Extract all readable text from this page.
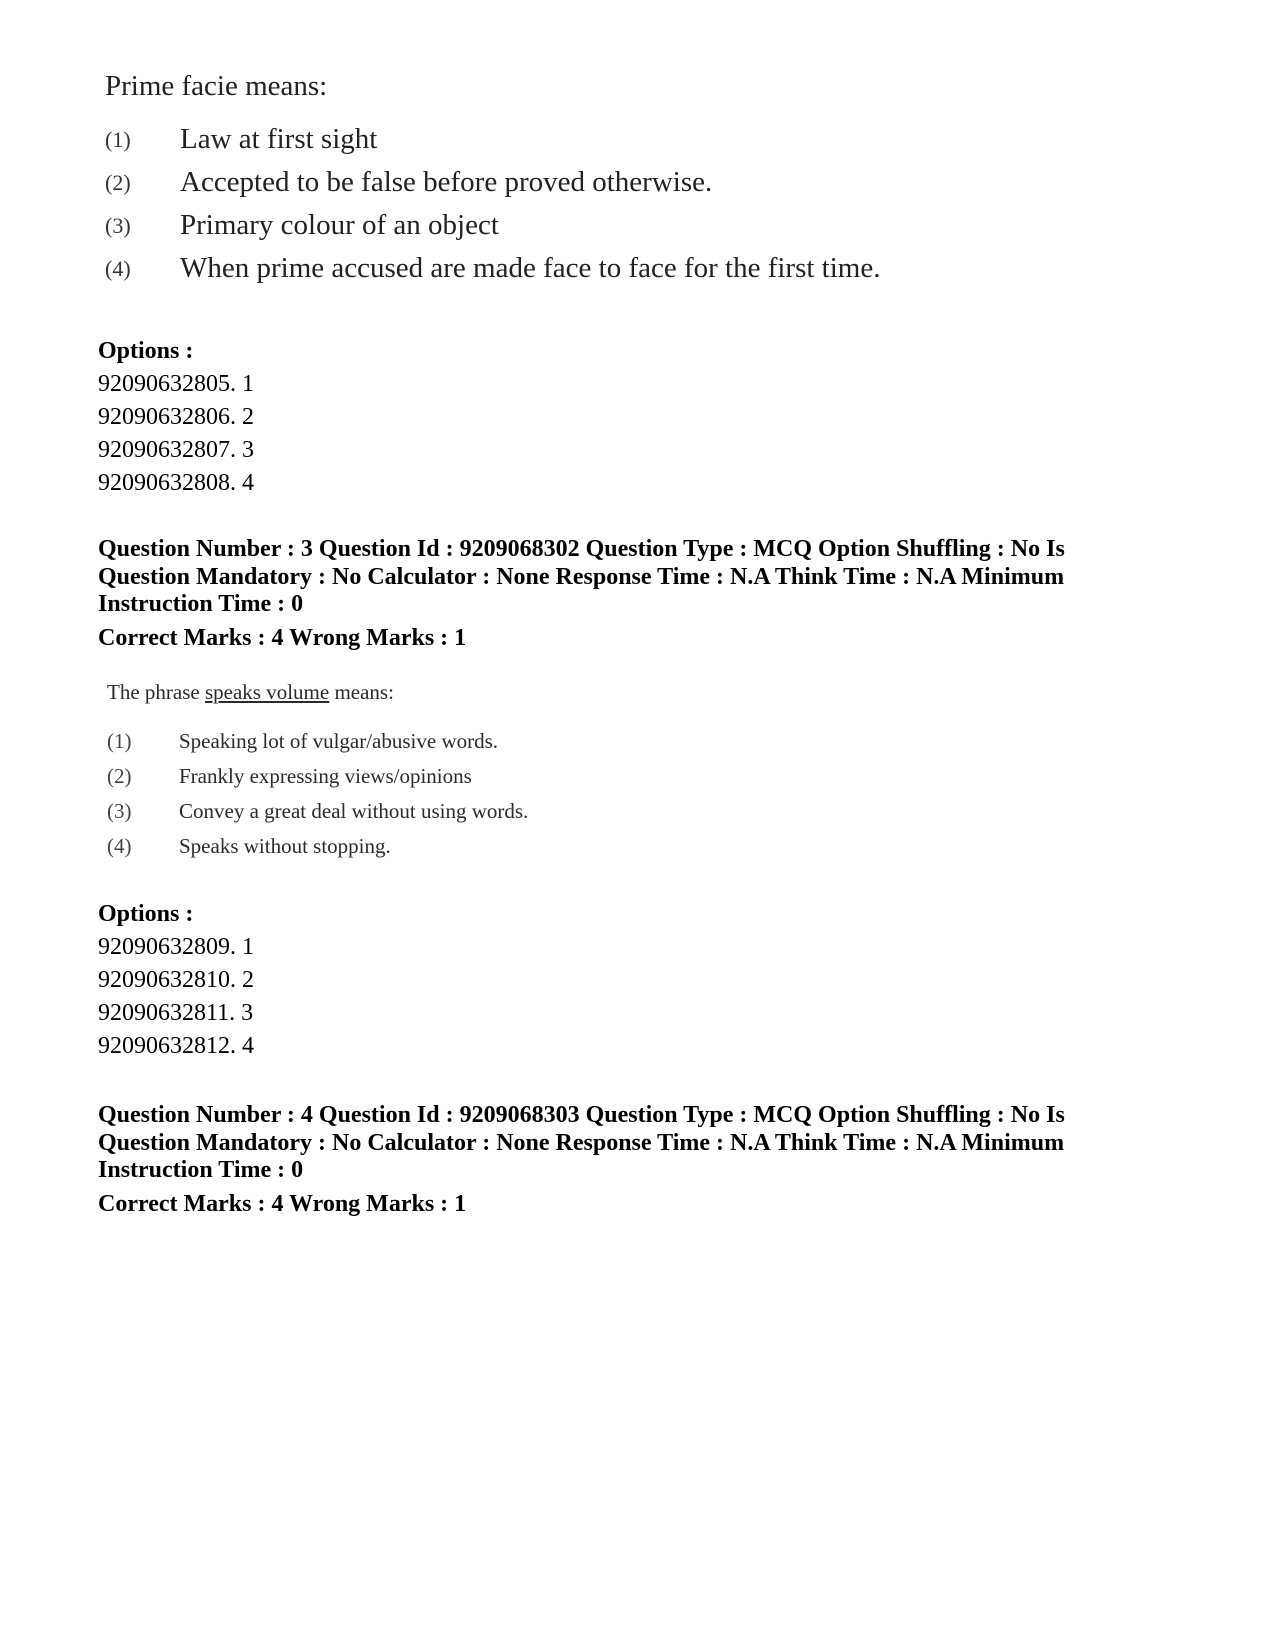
Prime facie means:
(1)	Law at first sight
(2)	Accepted to be false before proved otherwise.
(3)	Primary colour of an object
(4)	When prime accused are made face to face for the first time.
Options :
92090632805. 1
92090632806. 2
92090632807. 3
92090632808. 4
Question Number : 3 Question Id : 9209068302 Question Type : MCQ Option Shuffling : No Is Question Mandatory : No Calculator : None Response Time : N.A Think Time : N.A Minimum Instruction Time : 0
Correct Marks : 4 Wrong Marks : 1
The phrase speaks volume means:
(1)	Speaking lot of vulgar/abusive words.
(2)	Frankly expressing views/opinions
(3)	Convey a great deal without using words.
(4)	Speaks without stopping.
Options :
92090632809. 1
92090632810. 2
92090632811. 3
92090632812. 4
Question Number : 4 Question Id : 9209068303 Question Type : MCQ Option Shuffling : No Is Question Mandatory : No Calculator : None Response Time : N.A Think Time : N.A Minimum Instruction Time : 0
Correct Marks : 4 Wrong Marks : 1
